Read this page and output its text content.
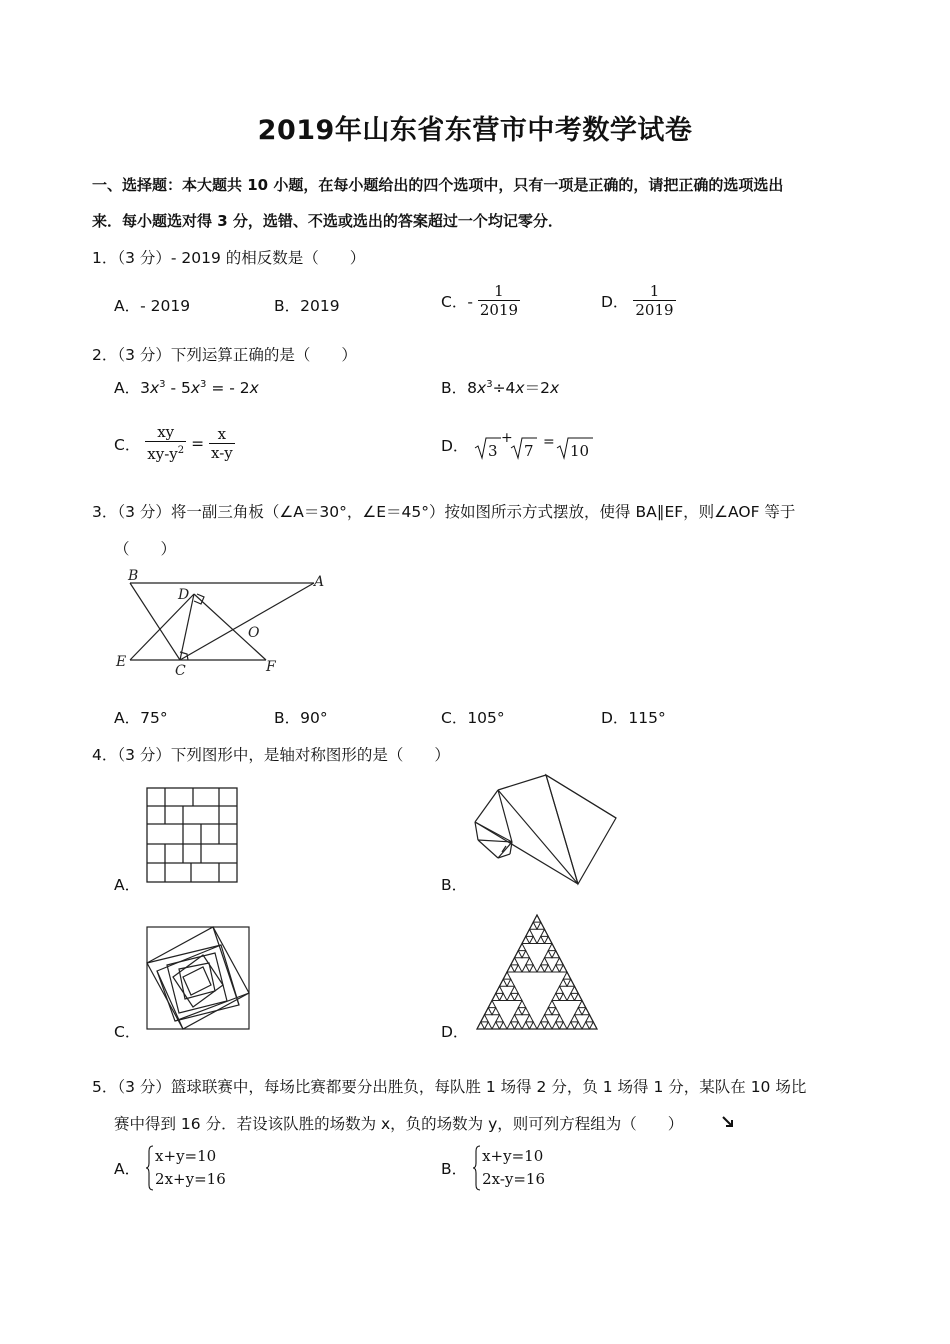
2019年山东省东营市中考数学试卷
一、选择题：本大题共 10 小题，在每小题给出的四个选项中，只有一项是正确的，请把正确的选项选出
来．每小题选对得 3 分，选错、不选或选出的答案超过一个均记零分．
1．（3 分）- 2019 的相反数是（　　）
A．- 2019	B．2019	C．- $\frac{1}{2019}$	D． $\frac{1}{2019}$
2．（3 分）下列运算正确的是（　　）
A．$3x^3 - 5x^3$ = - 2x	B．$8x^3\div 4x=2x$
C． $\frac{xy}{xy-y^2} = \frac{x}{x-y}$	D． 3
+
7 = 10
3．（3 分）将一副三角板（∠A＝30°，∠E＝45°）按如图所示方式摆放，使得 BA∥EF，则∠AOF 等于
（　　）
B	A
D
O
E
C	F
A．75°	B．90°	C．105°	D．115°
4．（3 分）下列图形中，是轴对称图形的是（　　）
A．	B．
C．	D．
5．（3 分）篮球联赛中，每场比赛都要分出胜负，每队胜 1 场得 2 分，负 1 场得 1 分，某队在 10 场比
赛中得到 16 分．若设该队胜的场数为 x，负的场数为 y，则可列方程组为（　　）
A．
x+y=10
2x+y=16
B．
x+y=10
2x-y=16
